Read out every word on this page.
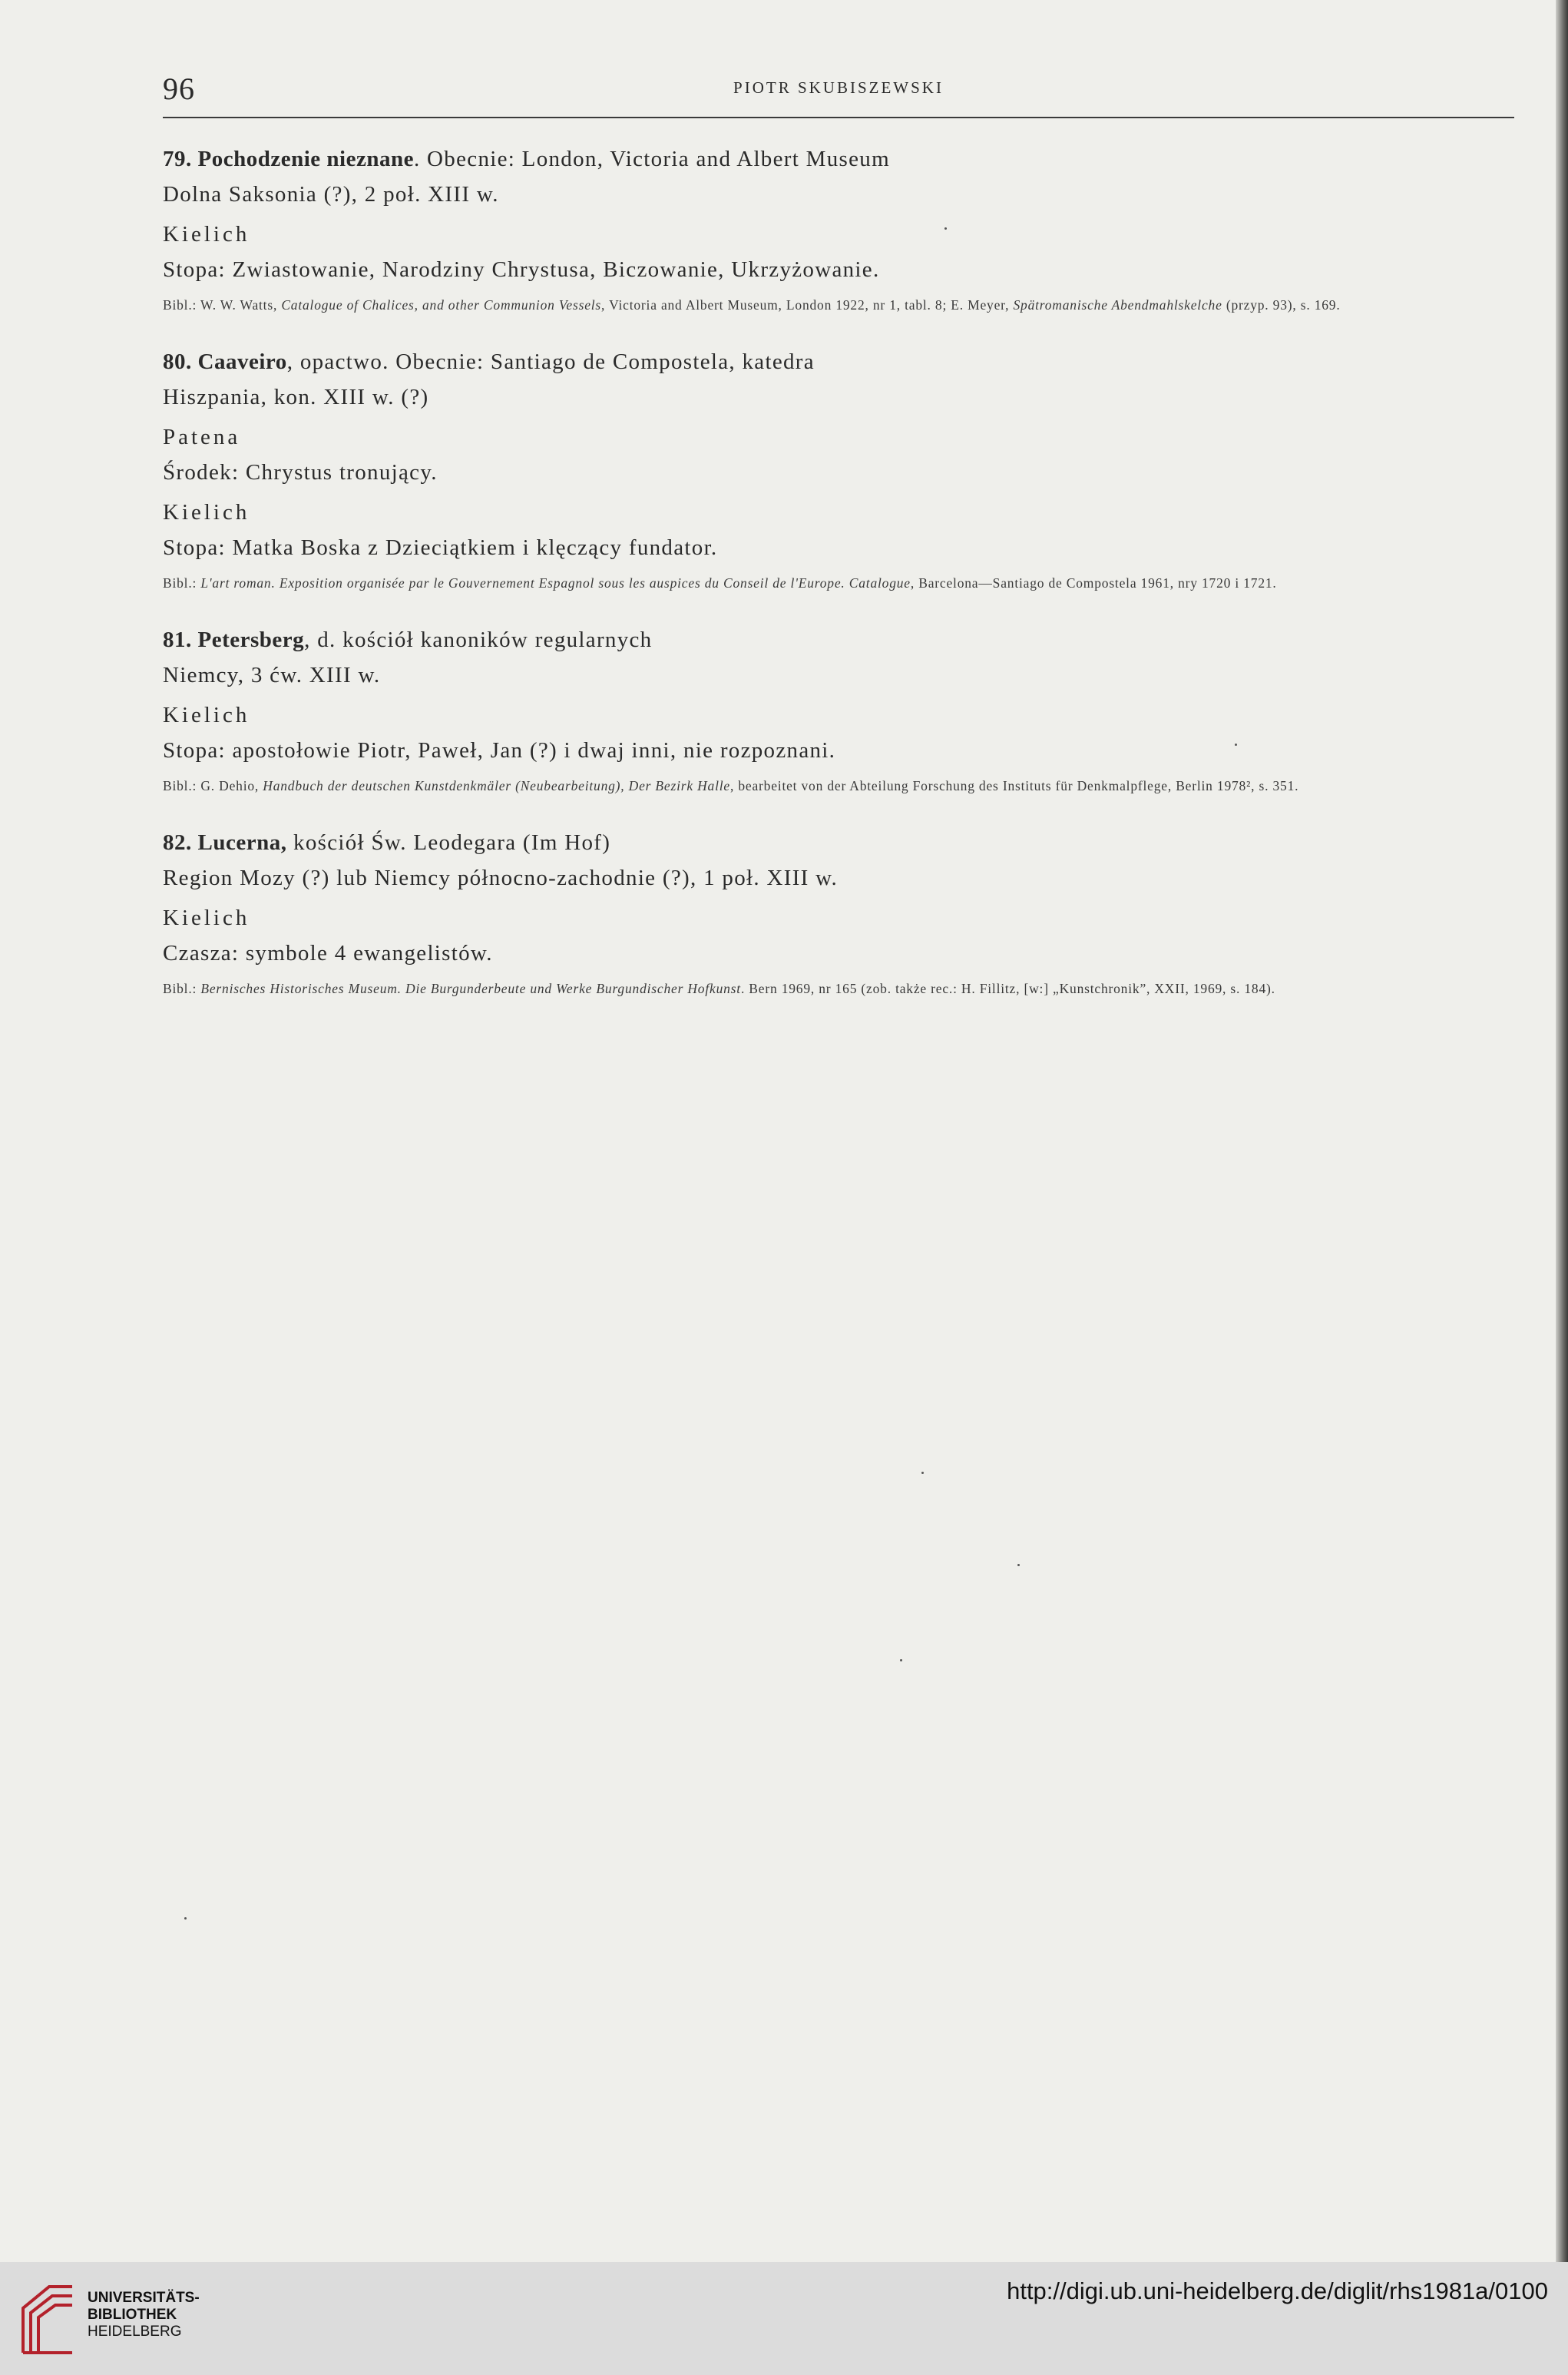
96	PIOTR SKUBISZEWSKI
79. Pochodzenie nieznane. Obecnie: London, Victoria and Albert Museum
Dolna Saksonia (?), 2 poł. XIII w.
Kielich
Stopa: Zwiastowanie, Narodziny Chrystusa, Biczowanie, Ukrzyżowanie.
Bibl.: W. W. Watts, Catalogue of Chalices, and other Communion Vessels, Victoria and Albert Museum, London 1922, nr 1, tabl. 8; E. Meyer, Spätromanische Abendmahlskelche (przyp. 93), s. 169.
80. Caaveiro, opactwo. Obecnie: Santiago de Compostela, katedra
Hiszpania, kon. XIII w. (?)
Patena
Środek: Chrystus tronujący.
Kielich
Stopa: Matka Boska z Dzieciątkiem i klęczący fundator.
Bibl.: L'art roman. Exposition organisée par le Gouvernement Espagnol sous les auspices du Conseil de l'Europe. Catalogue, Barcelona—Santiago de Compostela 1961, nry 1720 i 1721.
81. Petersberg, d. kościół kanoników regularnych
Niemcy, 3 ćw. XIII w.
Kielich
Stopa: apostołowie Piotr, Paweł, Jan (?) i dwaj inni, nie rozpoznani.
Bibl.: G. Dehio, Handbuch der deutschen Kunstdenkmäler (Neubearbeitung), Der Bezirk Halle, bearbeitet von der Abteilung Forschung des Instituts für Denkmalpflege, Berlin 1978², s. 351.
82. Lucerna, kościół Św. Leodegara (Im Hof)
Region Mozy (?) lub Niemcy północno-zachodnie (?), 1 poł. XIII w.
Kielich
Czasza: symbole 4 ewangelistów.
Bibl.: Bernisches Historisches Museum. Die Burgunderbeute und Werke Burgundischer Hofkunst. Bern 1969, nr 165 (zob. także rec.: H. Fillitz, [w:] „Kunstchronik”, XXII, 1969, s. 184).
UNIVERSITÄTS-
BIBLIOTHEK
HEIDELBERG
http://digi.ub.uni-heidelberg.de/diglit/rhs1981a/0100
